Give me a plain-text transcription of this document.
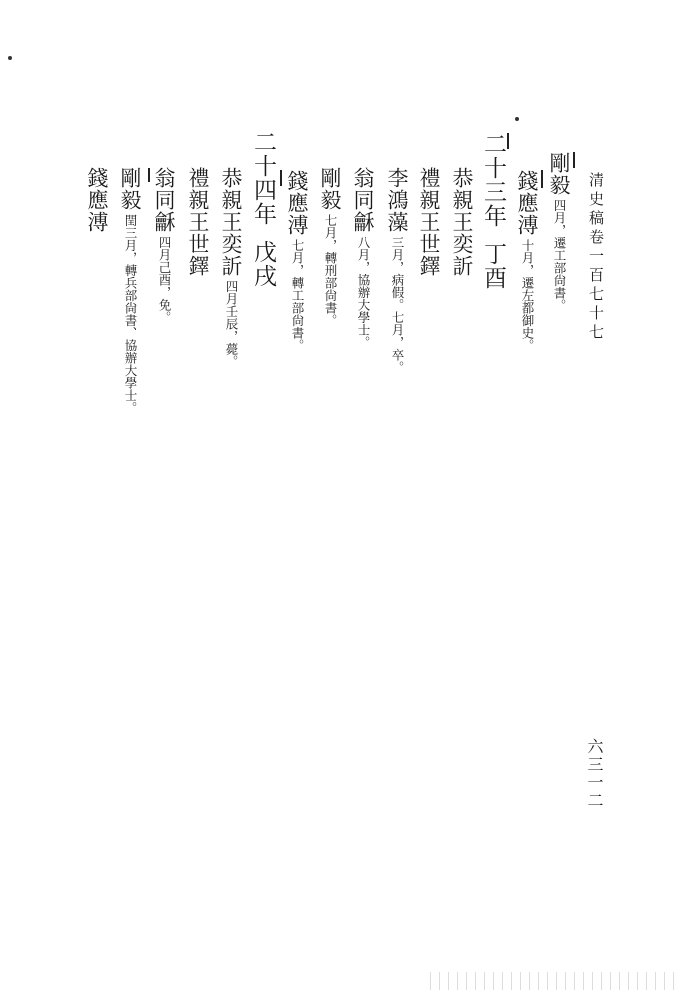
清史稿卷一百七十七
六三一二
剛毅四月，遷工部尙書。
錢應溥十月，遷左都御史。
二十三年丁酉
恭親王奕訢
禮親王世鐸
李鴻藻三月，病假。七月，卒。
翁同龢八月，協辦大學士。
剛毅七月，轉刑部尙書。
錢應溥七月，轉工部尙書。
二十四年戊戌
恭親王奕訢四月壬辰，薨。
禮親王世鐸
翁同龢四月己酉，免。
剛毅閏三月，轉兵部尙書、協辦大學士。
錢應溥
